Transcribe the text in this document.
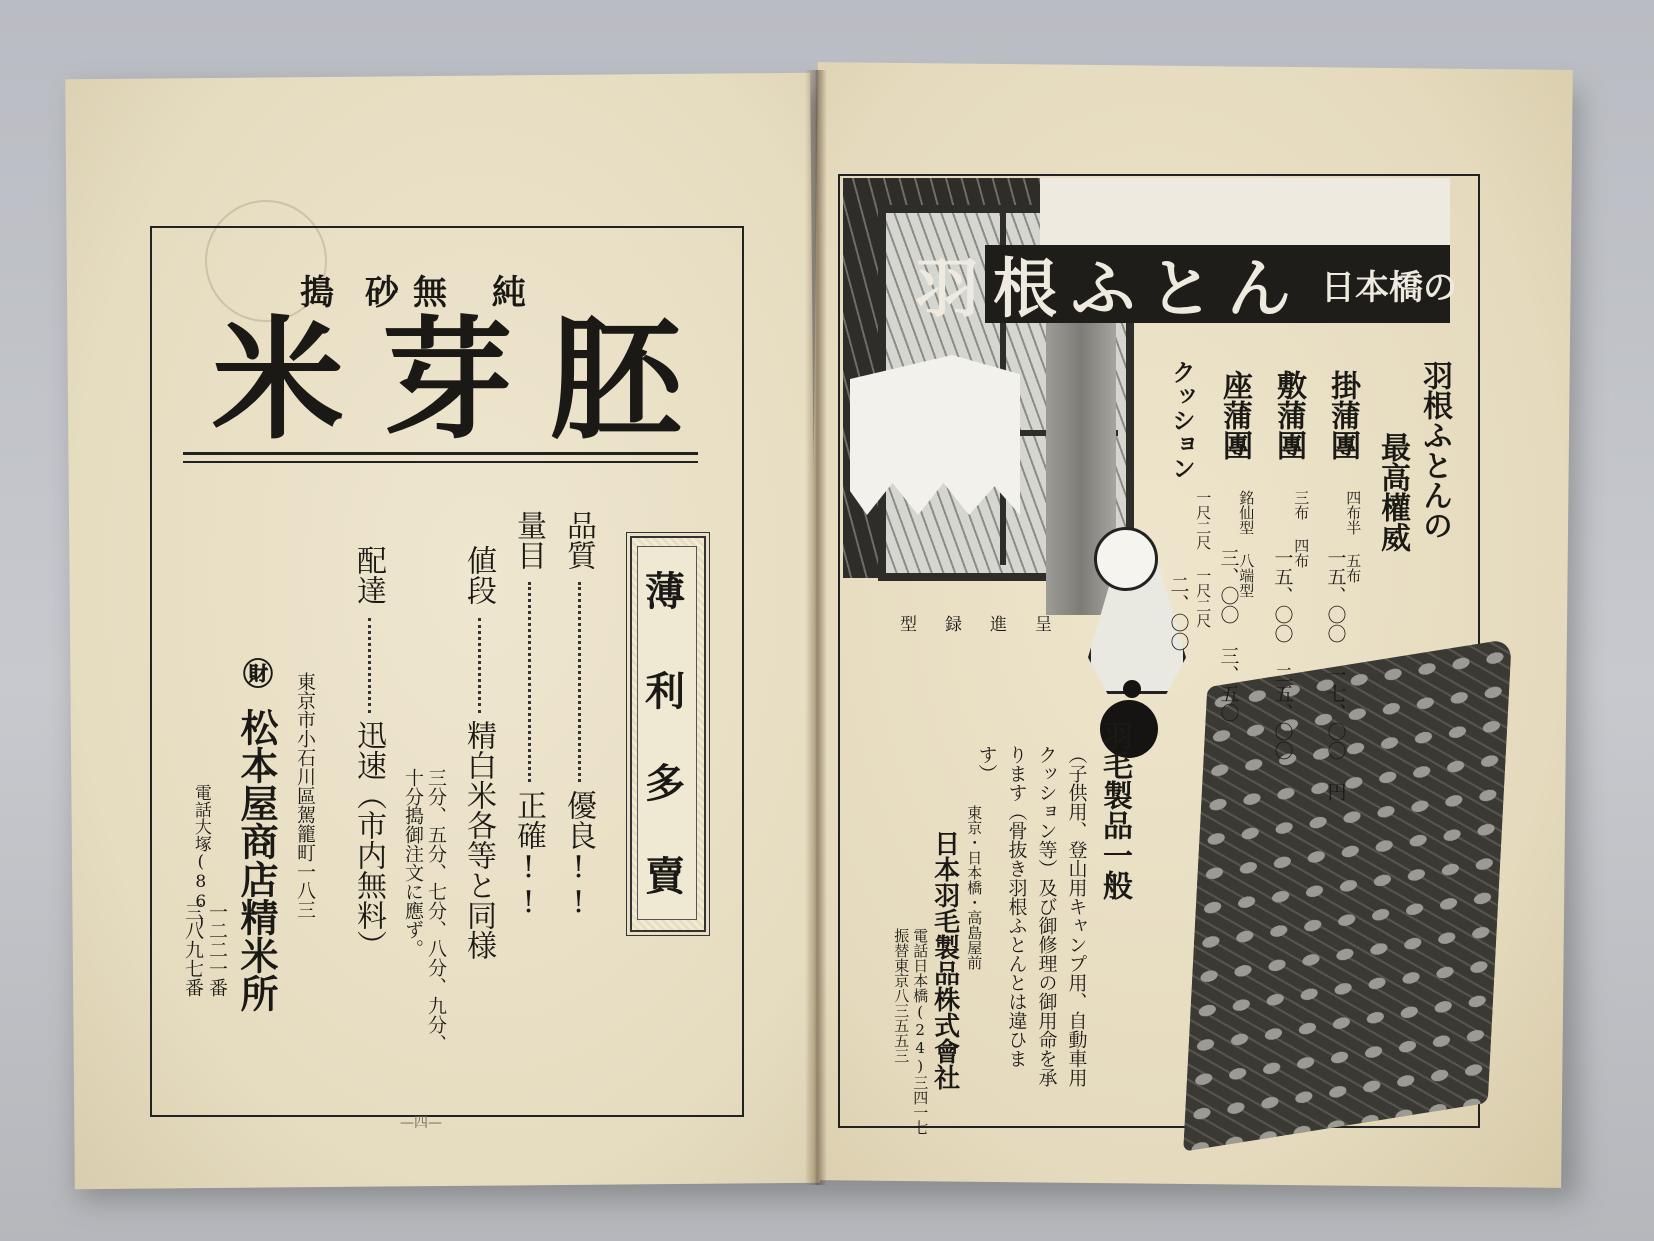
純
無
砂
搗
米 芽 胚
薄
利
多
賣
品質
優良!!
量目
正確!!
値段
精白米各等と同様
配達
迅速（市内無料） 三分、五分、七分、八分、九分、
十分搗御注文に應ず。
東京市小石川區駕籠町一八三
㊖
松本屋商店精米所
電話大塚(86)
一二二一番
三八九七番
—四—
日本橋の
羽根ふとん
羽根ふとんの
最高權威
掛蒲團
四布半 五布
一五、〇〇 一七、〇〇 円
敷蒲團
三布 四布
一五、〇〇 二五、〇〇
座蒲團
銘仙型 八端型
三、〇〇 三、五〇
クッション
一尺二尺 一尺二尺
二、〇〇
型録進呈
羽毛製品一般
（子供用、登山用キャンプ用、自動車用
クッション等）及び御修理の御用命を承
ります（骨抜き羽根ふとんとは違ひま
す）
東京・日本橋・高島屋前
日本羽毛製品株式會社
電話日本橋(24)三四一七
振替東京八三五五三
